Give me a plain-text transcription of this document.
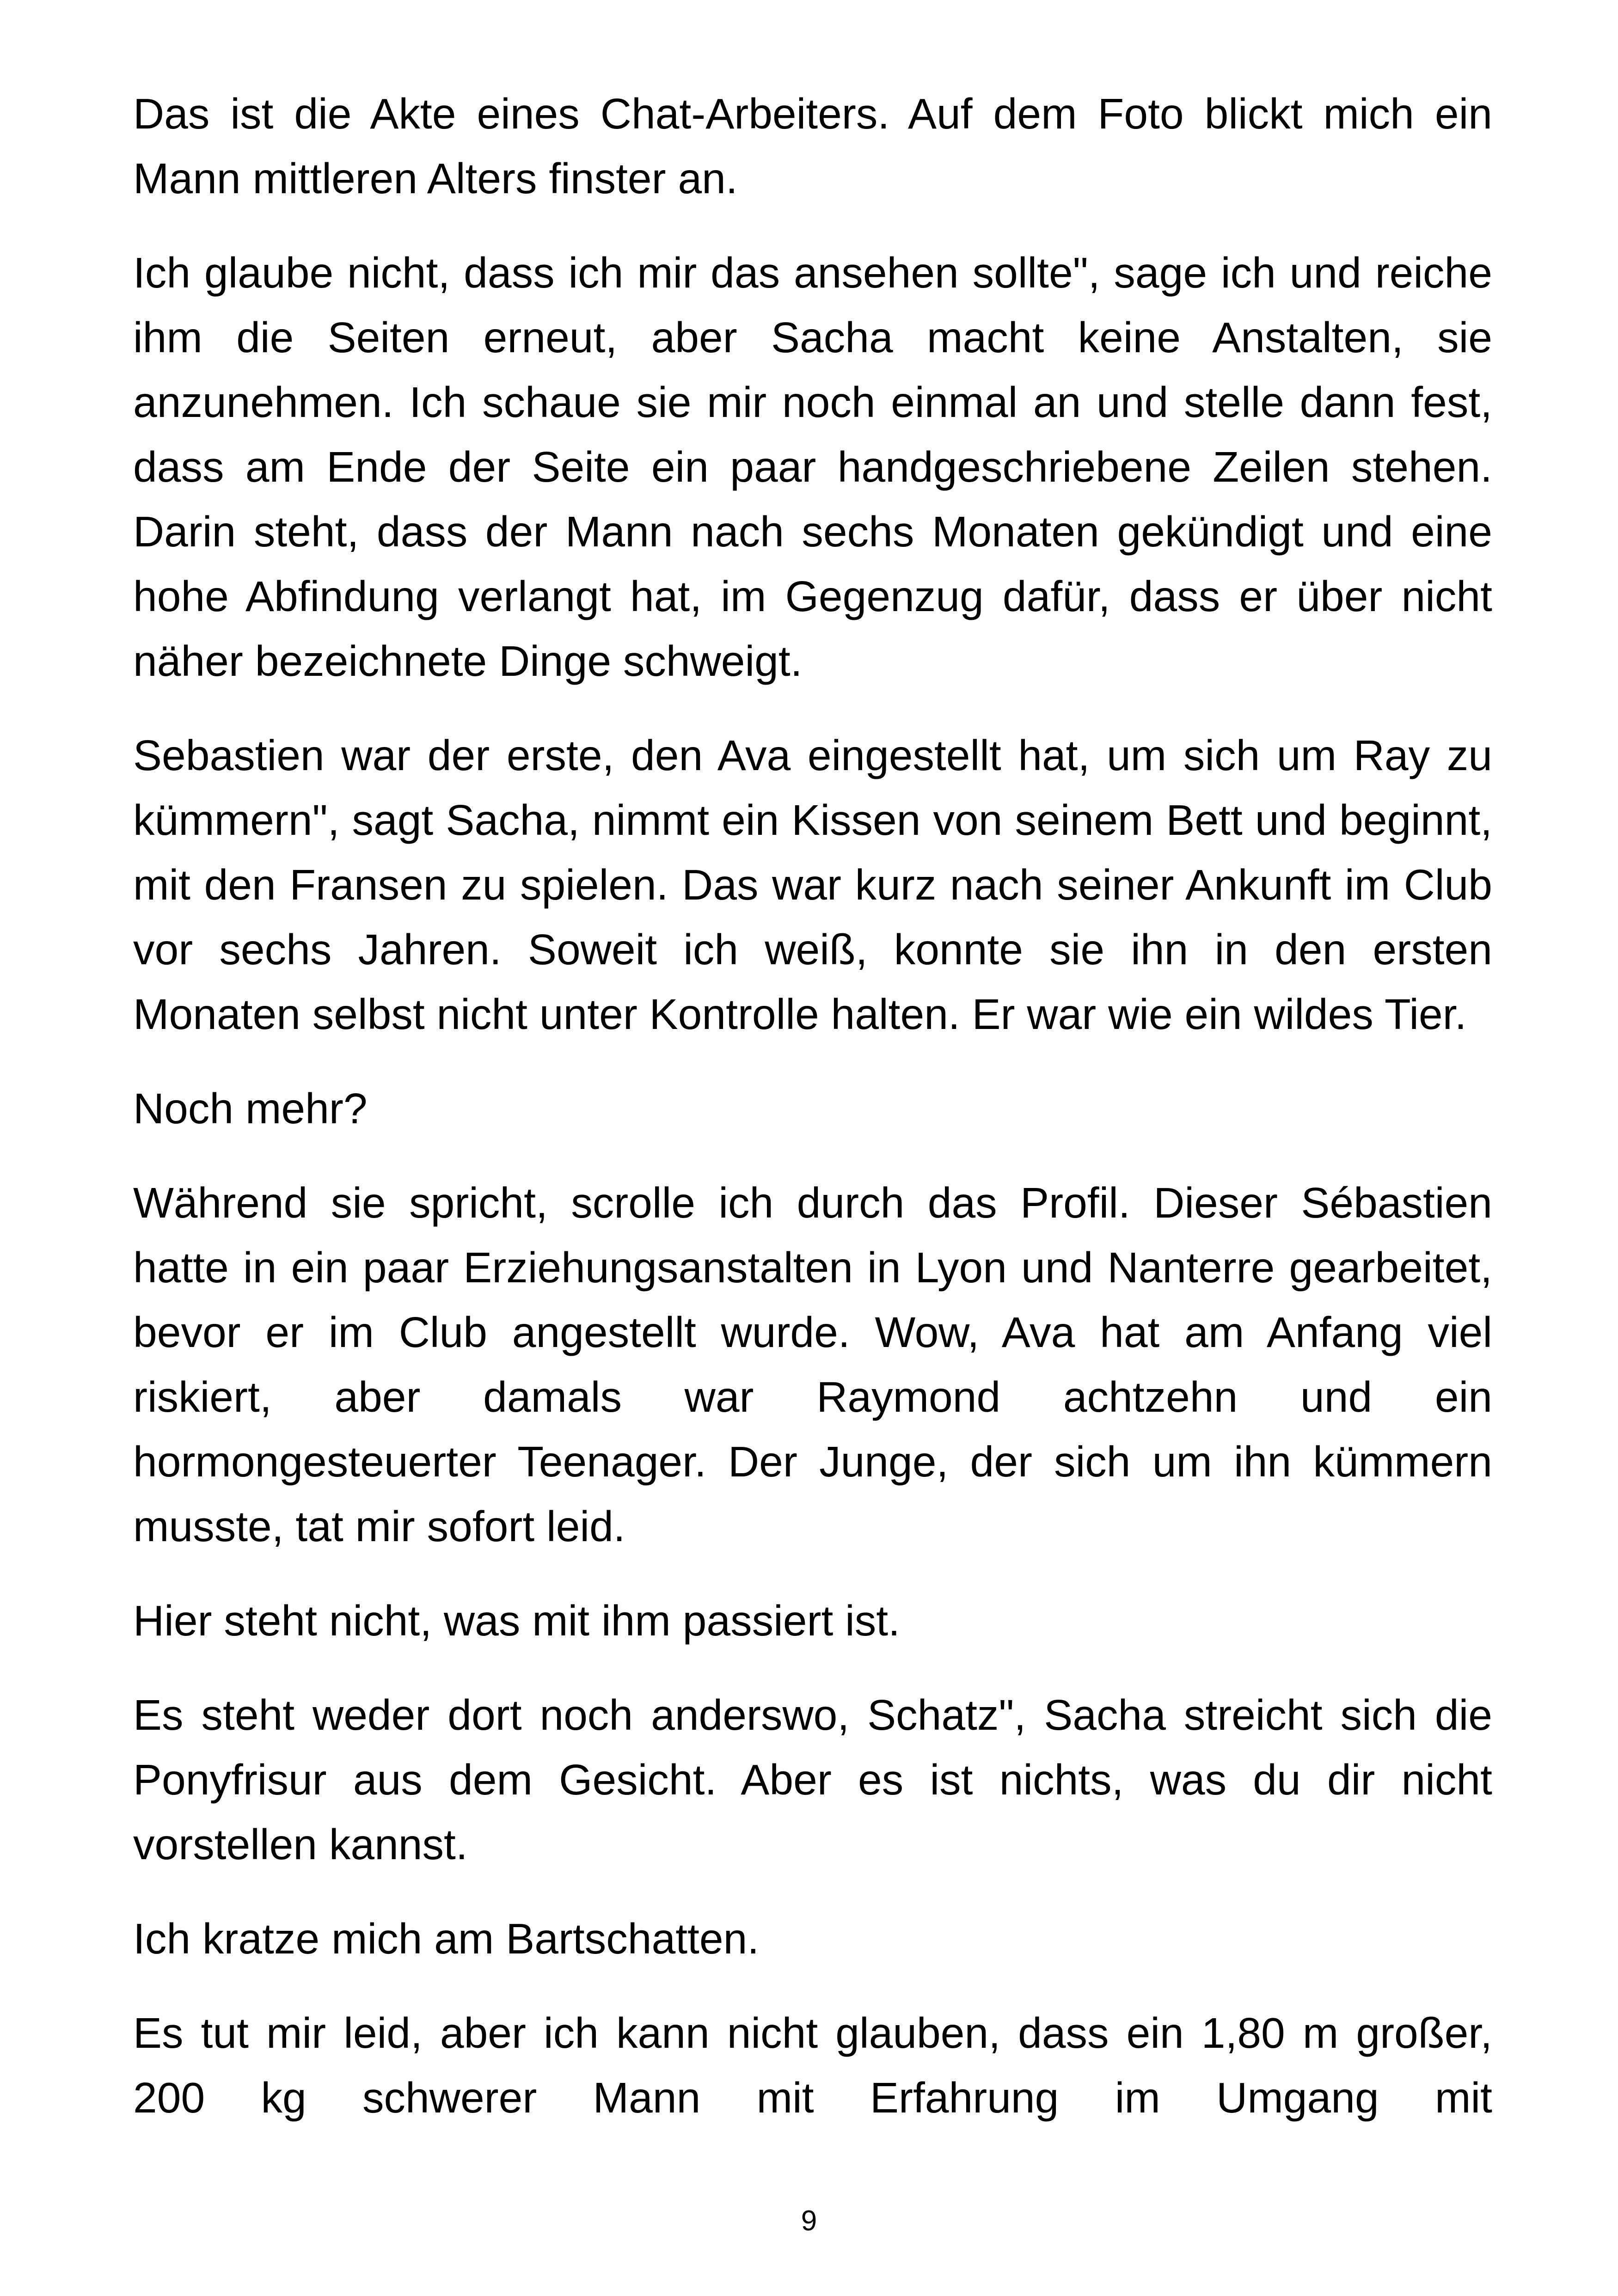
Das ist die Akte eines Chat-Arbeiters. Auf dem Foto blickt mich ein Mann mittleren Alters finster an.

Ich glaube nicht, dass ich mir das ansehen sollte", sage ich und reiche ihm die Seiten erneut, aber Sacha macht keine Anstalten, sie anzunehmen. Ich schaue sie mir noch einmal an und stelle dann fest, dass am Ende der Seite ein paar handgeschriebene Zeilen stehen. Darin steht, dass der Mann nach sechs Monaten gekündigt und eine hohe Abfindung verlangt hat, im Gegenzug dafür, dass er über nicht näher bezeichnete Dinge schweigt.

Sebastien war der erste, den Ava eingestellt hat, um sich um Ray zu kümmern", sagt Sacha, nimmt ein Kissen von seinem Bett und beginnt, mit den Fransen zu spielen. Das war kurz nach seiner Ankunft im Club vor sechs Jahren. Soweit ich weiß, konnte sie ihn in den ersten Monaten selbst nicht unter Kontrolle halten. Er war wie ein wildes Tier.

Noch mehr?

Während sie spricht, scrolle ich durch das Profil. Dieser Sébastien hatte in ein paar Erziehungsanstalten in Lyon und Nanterre gearbeitet, bevor er im Club angestellt wurde. Wow, Ava hat am Anfang viel riskiert, aber damals war Raymond achtzehn und ein hormongesteuerter Teenager. Der Junge, der sich um ihn kümmern musste, tat mir sofort leid.

Hier steht nicht, was mit ihm passiert ist.

Es steht weder dort noch anderswo, Schatz", Sacha streicht sich die Ponyfrisur aus dem Gesicht. Aber es ist nichts, was du dir nicht vorstellen kannst.

Ich kratze mich am Bartschatten.

Es tut mir leid, aber ich kann nicht glauben, dass ein 1,80 m großer, 200 kg schwerer Mann mit Erfahrung im Umgang mit

9
